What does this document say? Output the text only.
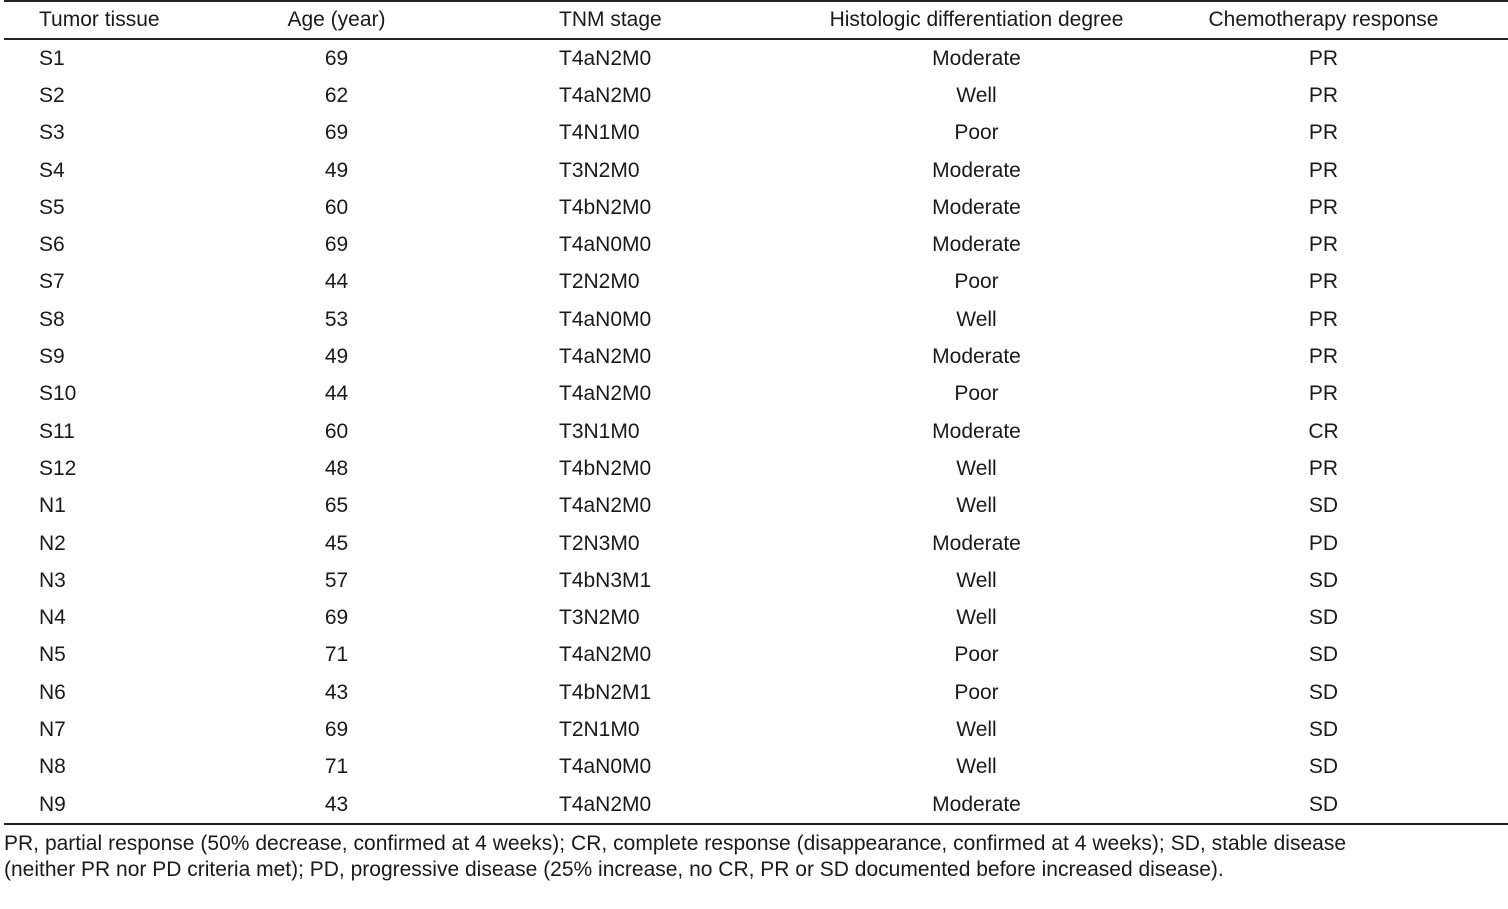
Tumor tissue	Age (year)	TNM stage	Histologic differentiation degree	Chemotherapy response
S1	69	T4aN2M0	Moderate	PR
S2	62	T4aN2M0	Well	PR
S3	69	T4N1M0	Poor	PR
S4	49	T3N2M0	Moderate	PR
S5	60	T4bN2M0	Moderate	PR
S6	69	T4aN0M0	Moderate	PR
S7	44	T2N2M0	Poor	PR
S8	53	T4aN0M0	Well	PR
S9	49	T4aN2M0	Moderate	PR
S10	44	T4aN2M0	Poor	PR
S11	60	T3N1M0	Moderate	CR
S12	48	T4bN2M0	Well	PR
N1	65	T4aN2M0	Well	SD
N2	45	T2N3M0	Moderate	PD
N3	57	T4bN3M1	Well	SD
N4	69	T3N2M0	Well	SD
N5	71	T4aN2M0	Poor	SD
N6	43	T4bN2M1	Poor	SD
N7	69	T2N1M0	Well	SD
N8	71	T4aN0M0	Well	SD
N9	43	T4aN2M0	Moderate	SD
PR, partial response (50% decrease, confirmed at 4 weeks); CR, complete response (disappearance, confirmed at 4 weeks); SD, stable disease (neither PR nor PD criteria met); PD, progressive disease (25% increase, no CR, PR or SD documented before increased disease).
